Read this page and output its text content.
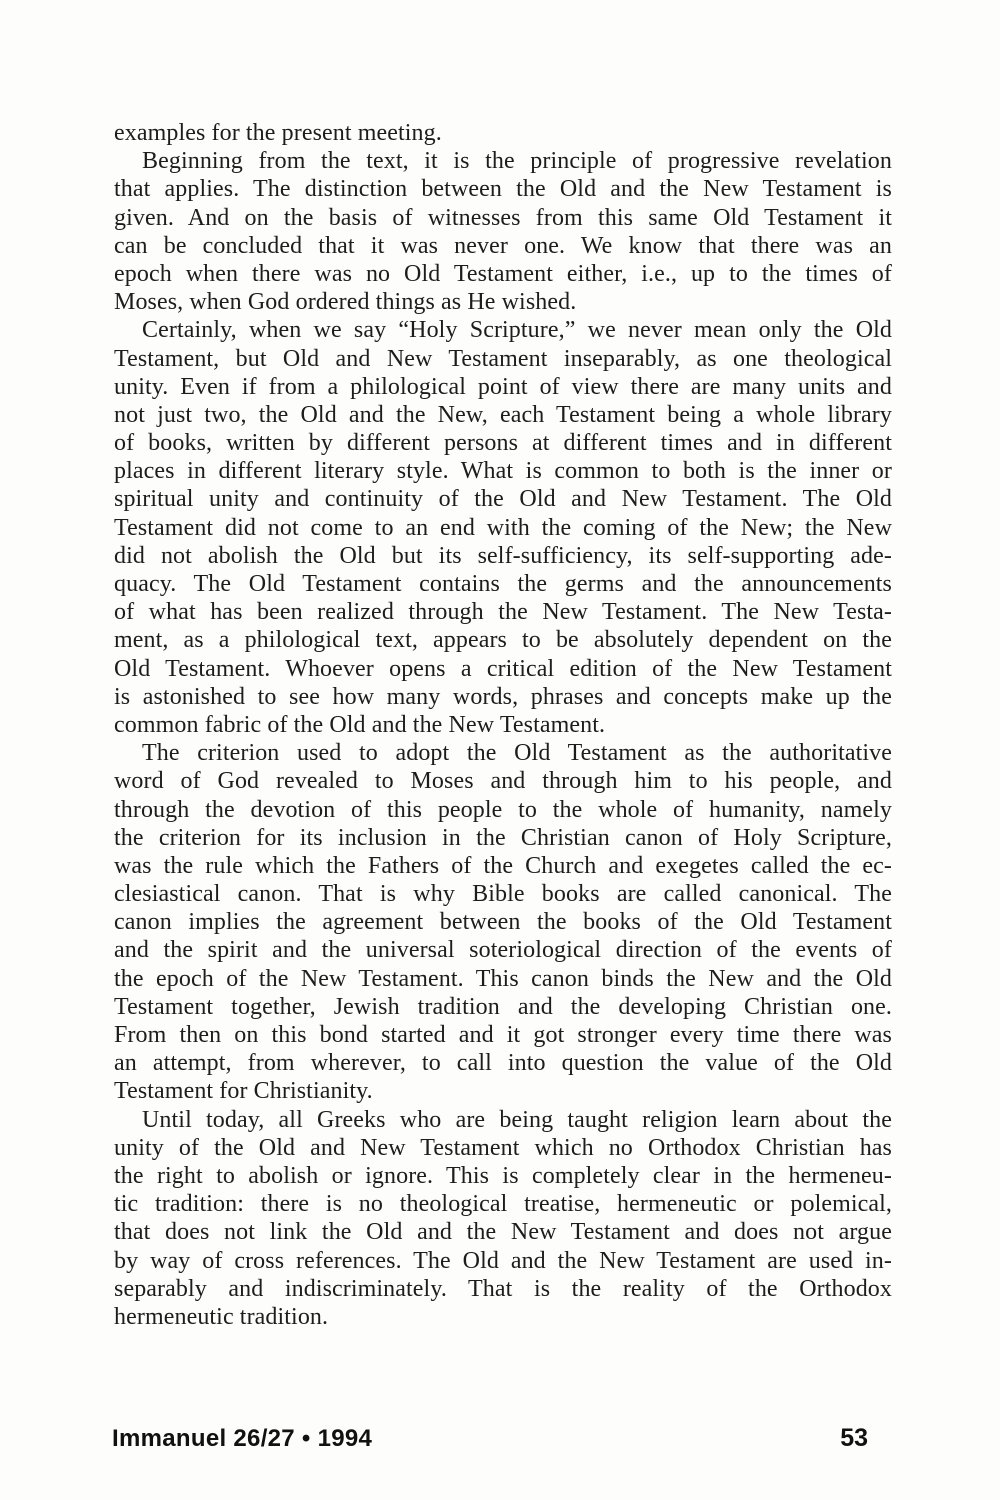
examples for the present meeting.
Beginning from the text, it is the principle of progressive revelation
that applies. The distinction between the Old and the New Testament is
given. And on the basis of witnesses from this same Old Testament it
can be concluded that it was never one. We know that there was an
epoch when there was no Old Testament either, i.e., up to the times of
Moses, when God ordered things as He wished.
Certainly, when we say “Holy Scripture,” we never mean only the Old
Testament, but Old and New Testament inseparably, as one theological
unity. Even if from a philological point of view there are many units and
not just two, the Old and the New, each Testament being a whole library
of books, written by different persons at different times and in different
places in different literary style. What is common to both is the inner or
spiritual unity and continuity of the Old and New Testament. The Old
Testament did not come to an end with the coming of the New; the New
did not abolish the Old but its self-sufficiency, its self-supporting ade-
quacy. The Old Testament contains the germs and the announcements
of what has been realized through the New Testament. The New Testa-
ment, as a philological text, appears to be absolutely dependent on the
Old Testament. Whoever opens a critical edition of the New Testament
is astonished to see how many words, phrases and concepts make up the
common fabric of the Old and the New Testament.
The criterion used to adopt the Old Testament as the authoritative
word of God revealed to Moses and through him to his people, and
through the devotion of this people to the whole of humanity, namely
the criterion for its inclusion in the Christian canon of Holy Scripture,
was the rule which the Fathers of the Church and exegetes called the ec-
clesiastical canon. That is why Bible books are called canonical. The
canon implies the agreement between the books of the Old Testament
and the spirit and the universal soteriological direction of the events of
the epoch of the New Testament. This canon binds the New and the Old
Testament together, Jewish tradition and the developing Christian one.
From then on this bond started and it got stronger every time there was
an attempt, from wherever, to call into question the value of the Old
Testament for Christianity.
Until today, all Greeks who are being taught religion learn about the
unity of the Old and New Testament which no Orthodox Christian has
the right to abolish or ignore. This is completely clear in the hermeneu-
tic tradition: there is no theological treatise, hermeneutic or polemical,
that does not link the Old and the New Testament and does not argue
by way of cross references. The Old and the New Testament are used in-
separably and indiscriminately. That is the reality of the Orthodox
hermeneutic tradition.
Immanuel 26/27 • 1994	53
